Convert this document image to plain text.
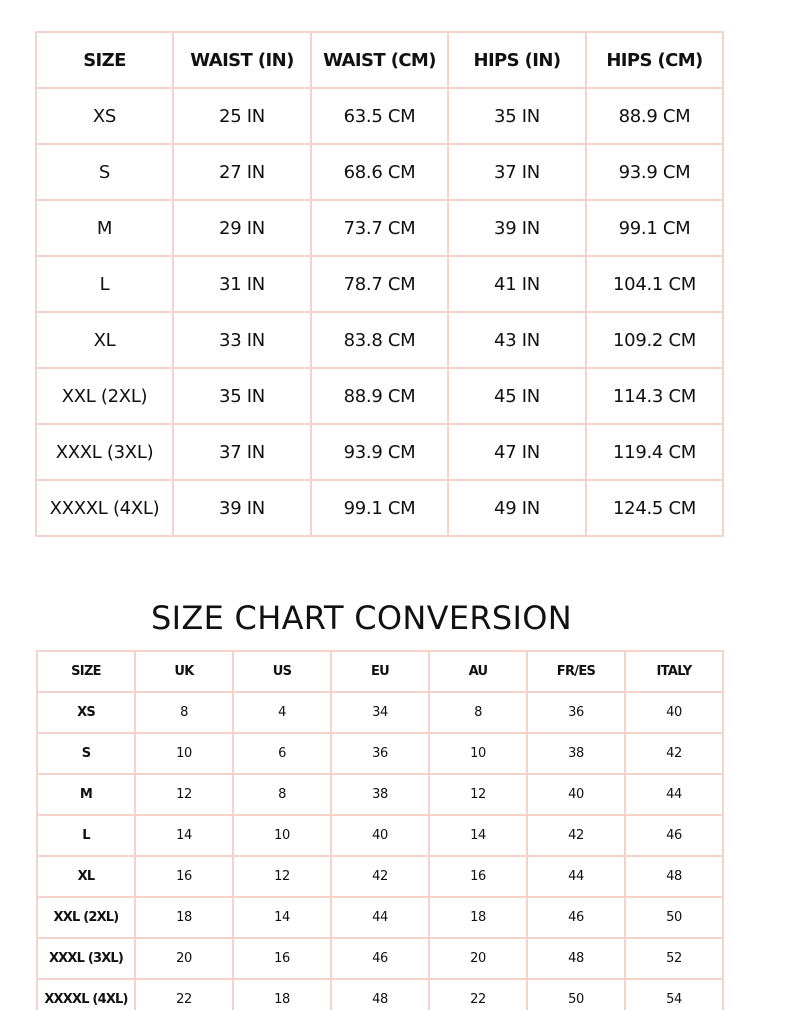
SIZE	WAIST (IN)	WAIST (CM)	HIPS (IN)	HIPS (CM)
XS	25 IN	63.5 CM	35 IN	88.9 CM
S	27 IN	68.6 CM	37 IN	93.9 CM
M	29 IN	73.7 CM	39 IN	99.1 CM
L	31 IN	78.7 CM	41 IN	104.1 CM
XL	33 IN	83.8 CM	43 IN	109.2 CM
XXL (2XL)	35 IN	88.9 CM	45 IN	114.3 CM
XXXL (3XL)	37 IN	93.9 CM	47 IN	119.4 CM
XXXXL (4XL)	39 IN	99.1 CM	49 IN	124.5 CM
SIZE CHART CONVERSION
SIZE	UK	US	EU	AU	FR/ES	ITALY
XS	8	4	34	8	36	40
S	10	6	36	10	38	42
M	12	8	38	12	40	44
L	14	10	40	14	42	46
XL	16	12	42	16	44	48
XXL (2XL)	18	14	44	18	46	50
XXXL (3XL)	20	16	46	20	48	52
XXXXL (4XL)	22	18	48	22	50	54
